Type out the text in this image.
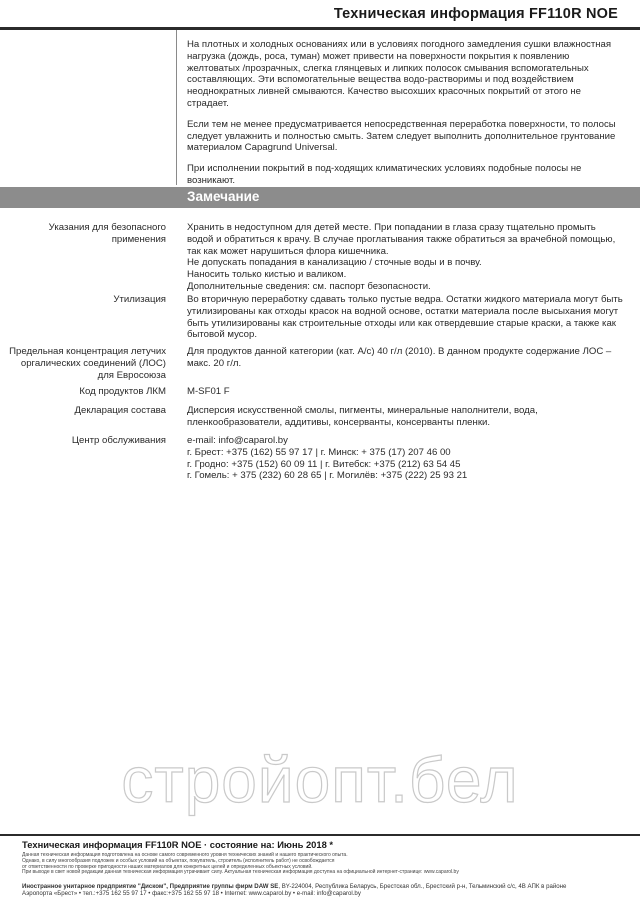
Техническая информация FF110R NOE

На плотных и холодных основаниях или в условиях погодного замедления сушки влажностная нагрузка (дождь, роса, туман) может привести на поверхности покрытия к появлению желтоватых /прозрачных, слегка глянцевых и липких полосок смывания вспомогательных составляющих. Эти вспомогательные вещества водо-растворимы и под воздействием неоднократных ливней смываются. Качество высохших красочных покрытий от этого не страдает.

Если тем не менее предусматривается непосредственная переработка поверхности, то полосы следует увлажнить и полностью смыть. Затем следует выполнить дополнительное грунтование материалом Capagrund Universal.

При исполнении покрытий в под-ходящих климатических условиях подобные полосы не возникают.

Замечание
Указания для безопасного применения

Хранить в недоступном для детей месте. При попадании в глаза сразу тщательно промыть водой и обратиться к врачу. В случае проглатывания также обратиться за врачебной помощью, так как может нарушиться флора кишечника.

Не допускать попадания в канализацию / сточные воды и в почву.

Наносить только кистью и валиком.

Дополнительные сведения: см. паспорт безопасности.

Утилизация Во вторичную переработку сдавать только пустые ведра. Остатки жидкого материала могут быть утилизированы как отходы красок на водной основе, остатки материала после высыхания могут быть утилизированы как строительные отходы или как отвердевшие старые краски, а также как бытовой мусор.
Предельная концентрация летучих оргалических соединений (ЛОС) для Евросоюза
Для продуктов данной категории (кат. А/с) 40 г/л (2010). В данном продукте содержание ЛОС – макс. 20 г/л.
Код продуктов ЛКМ M-SF01 F
Декларация состава Дисперсия искусственной смолы, пигменты, минеральные наполнители, вода, пленкообразователи, аддитивы, консерванты, консерванты пленки.
Центр обслуживания e-mail: info@caparol.by

г. Брест: +375 (162) 55 97 17 | г. Минск: + 375 (17) 207 46 00

г. Гродно: +375 (152) 60 09 11 | г. Витебск: +375 (212) 63 54 45

г. Гомель: + 375 (232) 60 28 65 | г. Могилёв: +375 (222) 25 93 21

стройопт.бел
Техническая информация FF110R NOE · состояние на: Июнь 2018 *
Данная техническая информация подготовлена на основе самого современного уровня технических знаний и нашего практического опыта.
Однако, в силу многообразия подложек и особых условий на объектах, покупатель, строитель (исполнитель работ) не освобождается
от ответственности по проверке пригодности наших материалов для конкретных целей и определенных объектных условий.
При выходе в свет новой редакции данная техническая информация утрачивает силу. Актуальная техническая информация доступна на официальной интернет-странице: www.caparol.by
Иностранное унитарное предприятие "Диском", Предприятие группы фирм DAW SE, BY-224004, Республика Беларусь, Брестская обл., Брестский р-н, Тельминский с/с, 4В АПК в районе
Аэропорта «Брест» • тел.:+375 162 55 97 17 • факс:+375 162 55 97 18 • Internet: www.caparol.by • e-mail: info@caparol.by
